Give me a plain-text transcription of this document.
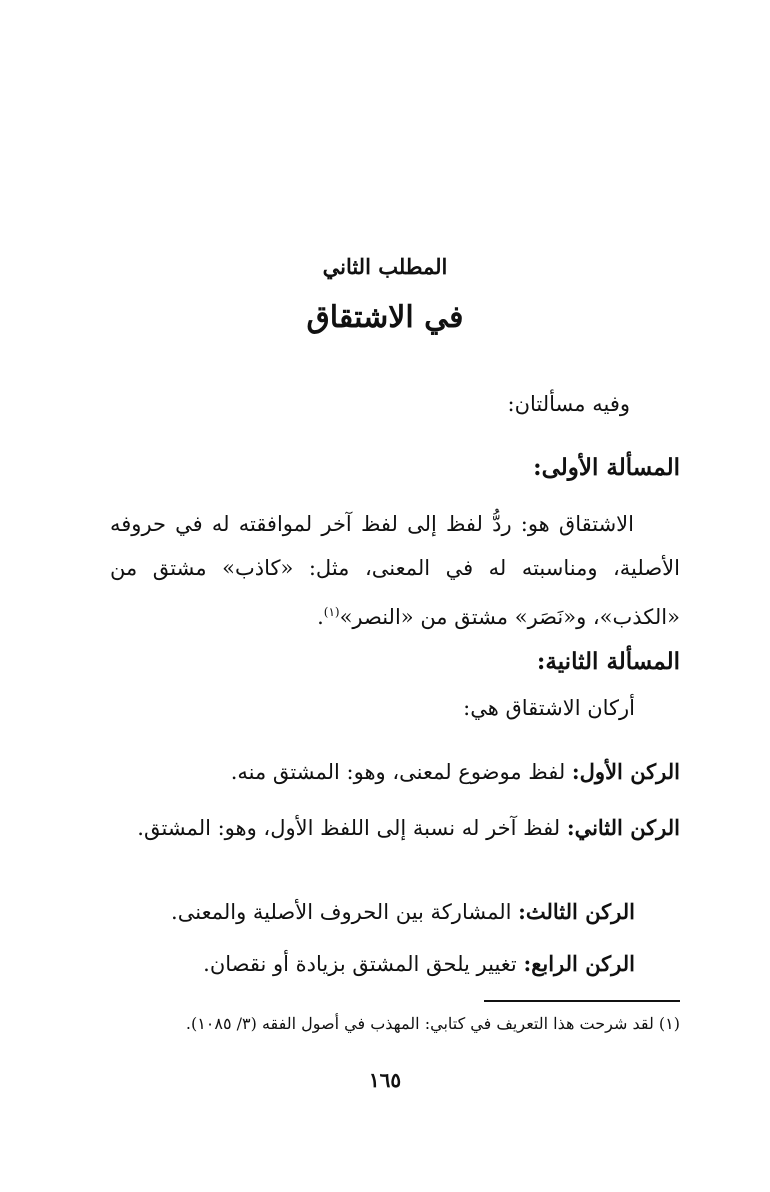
المطلب الثاني
في الاشتقاق
وفيه مسألتان:
المسألة الأولى:
الاشتقاق هو: ردُّ لفظ إلى لفظ آخر لموافقته له في حروفه الأصلية، ومناسبته له في المعنى، مثل: «كاذب» مشتق من «الكذب»، و«نَصَر» مشتق من «النصر»$^{(١)}$.
المسألة الثانية:
أركان الاشتقاق هي:
الركن الأول: لفظ موضوع لمعنى، وهو: المشتق منه.
الركن الثاني: لفظ آخر له نسبة إلى اللفظ الأول، وهو: المشتق.
الركن الثالث: المشاركة بين الحروف الأصلية والمعنى.
الركن الرابع: تغيير يلحق المشتق بزيادة أو نقصان.
(١) لقد شرحت هذا التعريف في كتابي: المهذب في أصول الفقه (٣/ ١٠٨٥).
١٦٥
